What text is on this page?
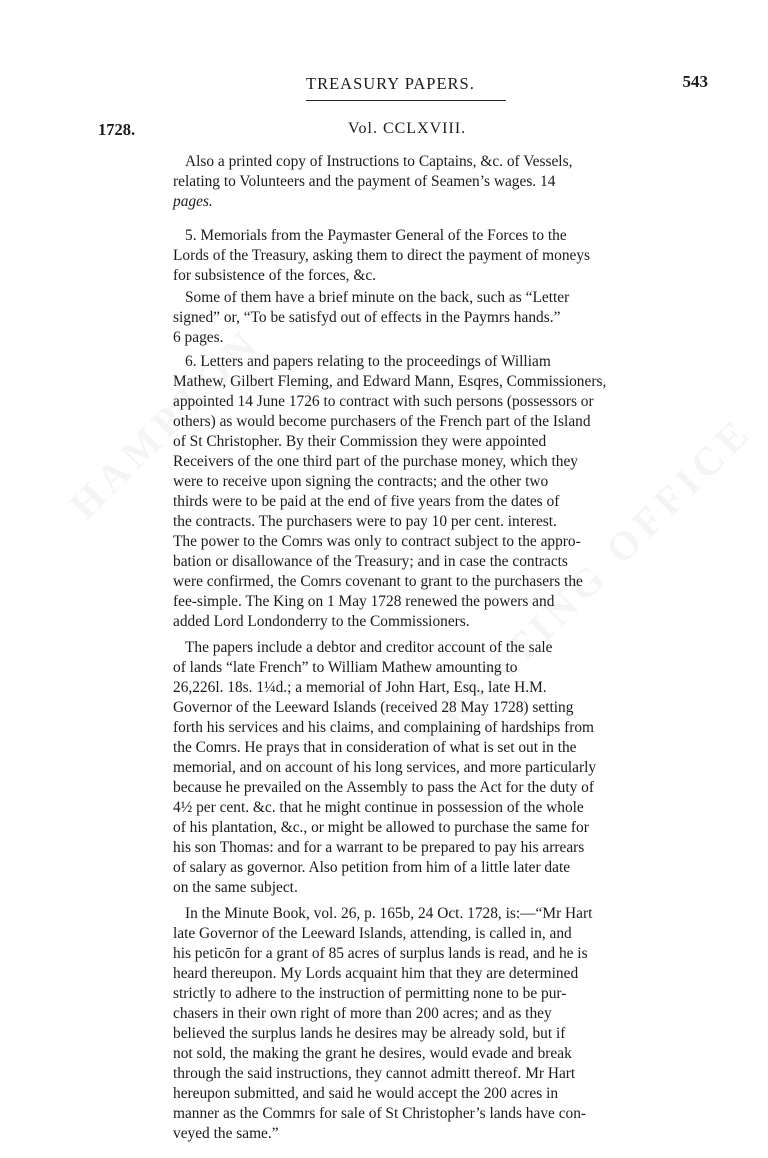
TREASURY PAPERS.	543
1728.	Vol. CCLXVIII.
Also a printed copy of Instructions to Captains, &c. of Vessels,
relating to Volunteers and the payment of Seamen’s wages. 14
pages.
5. Memorials from the Paymaster General of the Forces to the
Lords of the Treasury, asking them to direct the payment of moneys
for subsistence of the forces, &c.
Some of them have a brief minute on the back, such as “Letter
signed” or, “To be satisfyd out of effects in the Paymrs hands.”
6 pages.
6. Letters and papers relating to the proceedings of William
Mathew, Gilbert Fleming, and Edward Mann, Esqres, Commissioners,
appointed 14 June 1726 to contract with such persons (possessors or
others) as would become purchasers of the French part of the Island
of St Christopher. By their Commission they were appointed
Receivers of the one third part of the purchase money, which they
were to receive upon signing the contracts; and the other two
thirds were to be paid at the end of five years from the dates of
the contracts. The purchasers were to pay 10 per cent. interest.
The power to the Comrs was only to contract subject to the appro-
bation or disallowance of the Treasury; and in case the contracts
were confirmed, the Comrs covenant to grant to the purchasers the
fee-simple. The King on 1 May 1728 renewed the powers and
added Lord Londonderry to the Commissioners.
The papers include a debtor and creditor account of the sale
of lands “late French” to William Mathew amounting to
26,226l. 18s. 1¼d.; a memorial of John Hart, Esq., late H.M.
Governor of the Leeward Islands (received 28 May 1728) setting
forth his services and his claims, and complaining of hardships from
the Comrs. He prays that in consideration of what is set out in the
memorial, and on account of his long services, and more particularly
because he prevailed on the Assembly to pass the Act for the duty of
4½ per cent. &c. that he might continue in possession of the whole
of his plantation, &c., or might be allowed to purchase the same for
his son Thomas: and for a warrant to be prepared to pay his arrears
of salary as governor. Also petition from him of a little later date
on the same subject.
In the Minute Book, vol. 26, p. 165b, 24 Oct. 1728, is:—“Mr Hart
late Governor of the Leeward Islands, attending, is called in, and
his peticōn for a grant of 85 acres of surplus lands is read, and he is
heard thereupon. My Lords acquaint him that they are determined
strictly to adhere to the instruction of permitting none to be pur-
chasers in their own right of more than 200 acres; and as they
believed the surplus lands he desires may be already sold, but if
not sold, the making the grant he desires, would evade and break
through the said instructions, they cannot admitt thereof. Mr Hart
hereupon submitted, and said he would accept the 200 acres in
manner as the Commrs for sale of St Christopher’s lands have con-
veyed the same.”
